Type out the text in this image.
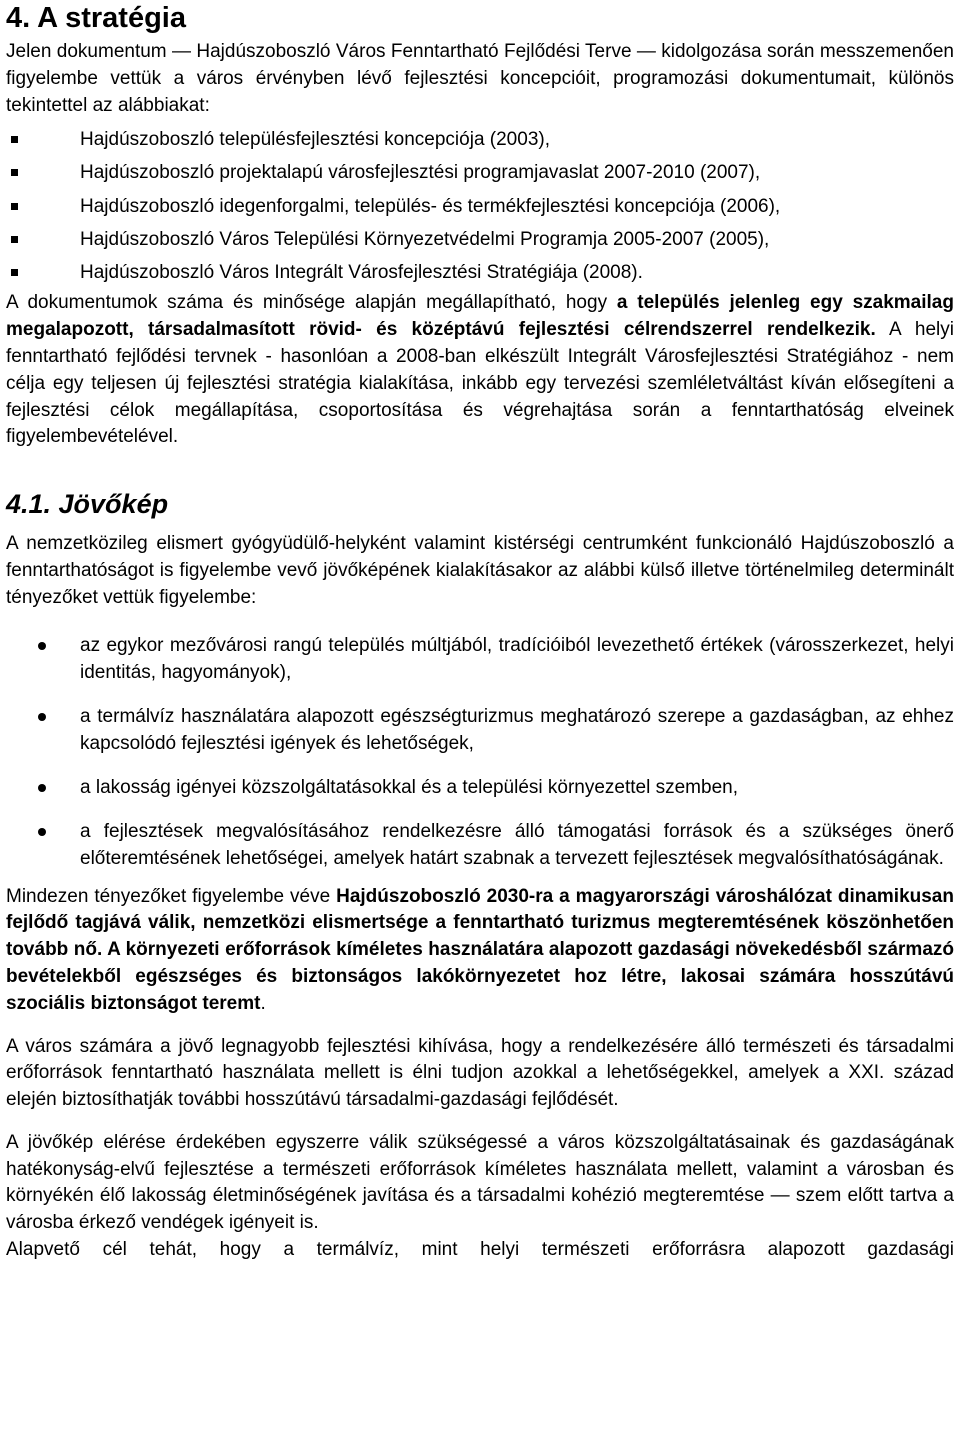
4. A stratégia

Jelen dokumentum — Hajdúszoboszló Város Fenntartható Fejlődési Terve — kidolgozása során messzemenően figyelembe vettük a város érvényben lévő fejlesztési koncepcióit, programozási dokumentumait, különös tekintettel az alábbiakat:

Hajdúszoboszló településfejlesztési koncepciója (2003),
Hajdúszoboszló projektalapú városfejlesztési programjavaslat 2007-2010 (2007),
Hajdúszoboszló idegenforgalmi, település- és termékfejlesztési koncepciója (2006),
Hajdúszoboszló Város Települési Környezetvédelmi Programja 2005-2007 (2005),
Hajdúszoboszló Város Integrált Városfejlesztési Stratégiája (2008).

A dokumentumok száma és minősége alapján megállapítható, hogy a település jelenleg egy szakmailag megalapozott, társadalmasított rövid- és középtávú fejlesztési célrendszerrel rendelkezik. A helyi fenntartható fejlődési tervnek - hasonlóan a 2008-ban elkészült Integrált Városfejlesztési Stratégiához - nem célja egy teljesen új fejlesztési stratégia kialakítása, inkább egy tervezési szemléletváltást kíván elősegíteni a fejlesztési célok megállapítása, csoportosítása és végrehajtása során a fenntarthatóság elveinek figyelembevételével.

4.1. Jövőkép

A nemzetközileg elismert gyógyüdülő-helyként valamint kistérségi centrumként funkcionáló Hajdúszoboszló a fenntarthatóságot is figyelembe vevő jövőképének kialakításakor az alábbi külső illetve történelmileg determinált tényezőket vettük figyelembe:

az egykor mezővárosi rangú település múltjából, tradícióiból levezethető értékek (városszerkezet, helyi identitás, hagyományok),
a termálvíz használatára alapozott egészségturizmus meghatározó szerepe a gazdaságban, az ehhez kapcsolódó fejlesztési igények és lehetőségek,
a lakosság igényei közszolgáltatásokkal és a települési környezettel szemben,
a fejlesztések megvalósításához rendelkezésre álló támogatási források és a szükséges önerő előteremtésének lehetőségei, amelyek határt szabnak a tervezett fejlesztések megvalósíthatóságának.

Mindezen tényezőket figyelembe véve Hajdúszoboszló 2030-ra a magyarországi városhálózat dinamikusan fejlődő tagjává válik, nemzetközi elismertsége a fenntartható turizmus megteremtésének köszönhetően tovább nő. A környezeti erőforrások kíméletes használatára alapozott gazdasági növekedésből származó bevételekből egészséges és biztonságos lakókörnyezetet hoz létre, lakosai számára hosszútávú szociális biztonságot teremt.

A város számára a jövő legnagyobb fejlesztési kihívása, hogy a rendelkezésére álló természeti és társadalmi erőforrások fenntartható használata mellett is élni tudjon azokkal a lehetőségekkel, amelyek a XXI. század elején biztosíthatják további hosszútávú társadalmi-gazdasági fejlődését.

A jövőkép elérése érdekében egyszerre válik szükségessé a város közszolgáltatásainak és gazdaságának hatékonyság-elvű fejlesztése a természeti erőforrások kíméletes használata mellett, valamint a városban és környékén élő lakosság életminőségének javítása és a társadalmi kohézió megteremtése — szem előtt tartva a városba érkező vendégek igényeit is.

Alapvető cél tehát, hogy a termálvíz, mint helyi természeti erőforrásra alapozott gazdasági
